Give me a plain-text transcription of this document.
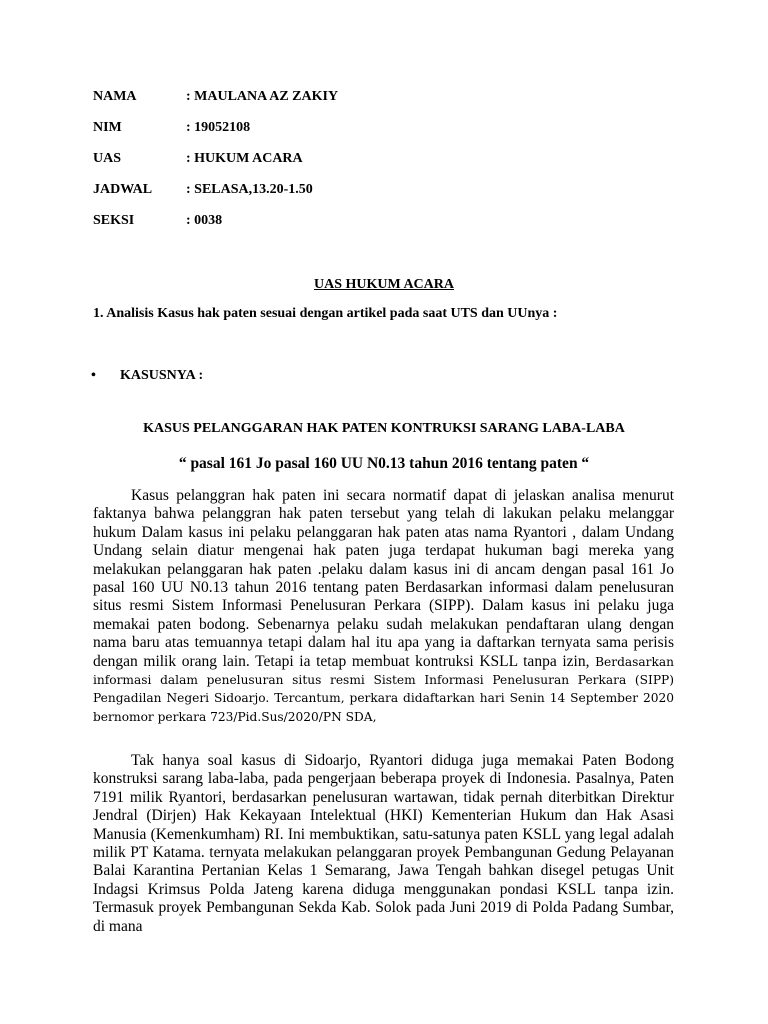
NAMA	: MAULANA AZ ZAKIY
NIM	: 19052108
UAS	: HUKUM ACARA
JADWAL : SELASA,13.20-1.50
SEKSI	: 0038
UAS HUKUM ACARA
1. Analisis Kasus hak paten sesuai dengan artikel pada saat UTS dan UUnya :
• KASUSNYA :
KASUS PELANGGARAN HAK PATEN KONTRUKSI SARANG LABA-LABA
“ pasal 161 Jo pasal 160 UU N0.13 tahun 2016 tentang paten “

Kasus pelanggran hak paten ini secara normatif dapat di jelaskan analisa menurut faktanya bahwa pelanggran hak paten tersebut yang telah di lakukan pelaku melanggar hukum Dalam kasus ini pelaku pelanggaran hak paten atas nama Ryantori , dalam Undang Undang selain diatur mengenai hak paten juga terdapat hukuman bagi mereka yang melakukan pelanggaran hak paten .pelaku dalam kasus ini di ancam dengan pasal 161 Jo pasal 160 UU N0.13 tahun 2016 tentang paten Berdasarkan informasi dalam penelusuran situs resmi Sistem Informasi Penelusuran Perkara (SIPP). Dalam kasus ini pelaku juga memakai paten bodong. Sebenarnya pelaku sudah melakukan pendaftaran ulang dengan nama baru atas temuannya tetapi dalam hal itu apa yang ia daftarkan ternyata sama perisis dengan milik orang lain. Tetapi ia tetap membuat kontruksi KSLL tanpa izin, Berdasarkan informasi dalam penelusuran situs resmi Sistem Informasi Penelusuran Perkara (SIPP) Pengadilan Negeri Sidoarjo. Tercantum, perkara didaftarkan hari Senin 14 September 2020 bernomor perkara 723/Pid.Sus/2020/PN SDA,

Tak hanya soal kasus di Sidoarjo, Ryantori diduga juga memakai Paten Bodong konstruksi sarang laba-laba, pada pengerjaan beberapa proyek di Indonesia. Pasalnya, Paten 7191 milik Ryantori, berdasarkan penelusuran wartawan, tidak pernah diterbitkan Direktur Jendral (Dirjen) Hak Kekayaan Intelektual (HKI) Kementerian Hukum dan Hak Asasi Manusia (Kemenkumham) RI. Ini membuktikan, satu-satunya paten KSLL yang legal adalah milik PT Katama. ternyata melakukan pelanggaran proyek Pembangunan Gedung Pelayanan Balai Karantina Pertanian Kelas 1 Semarang, Jawa Tengah bahkan disegel petugas Unit Indagsi Krimsus Polda Jateng karena diduga menggunakan pondasi KSLL tanpa izin. Termasuk proyek Pembangunan Sekda Kab. Solok pada Juni 2019 di Polda Padang Sumbar, di mana
